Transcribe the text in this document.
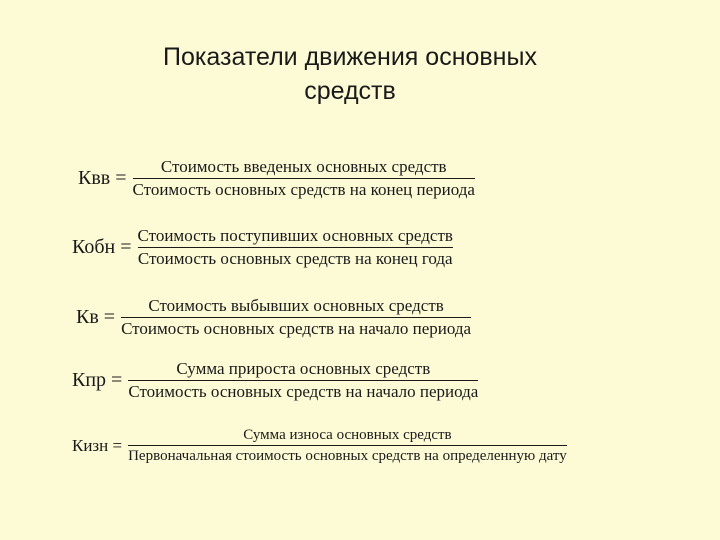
Показатели движения основных
средств
Квв = $\frac{\text{Стоимость введеных основных средств}}{\text{Стоимость основных средств на конец периода}}$
Кобн = $\frac{\text{Стоимость поступивших основных средств}}{\text{Стоимость основных средств на конец года}}$
Кв = $\frac{\text{Стоимость выбывших основных средств}}{\text{Стоимость основных средств на начало периода}}$
Кпр = $\frac{\text{Сумма прироста основных средств}}{\text{Стоимость основных средств на начало периода}}$
Кизн =
Сумма износа основных средств
Первоначальная стоимость основных средств на определенную дату
